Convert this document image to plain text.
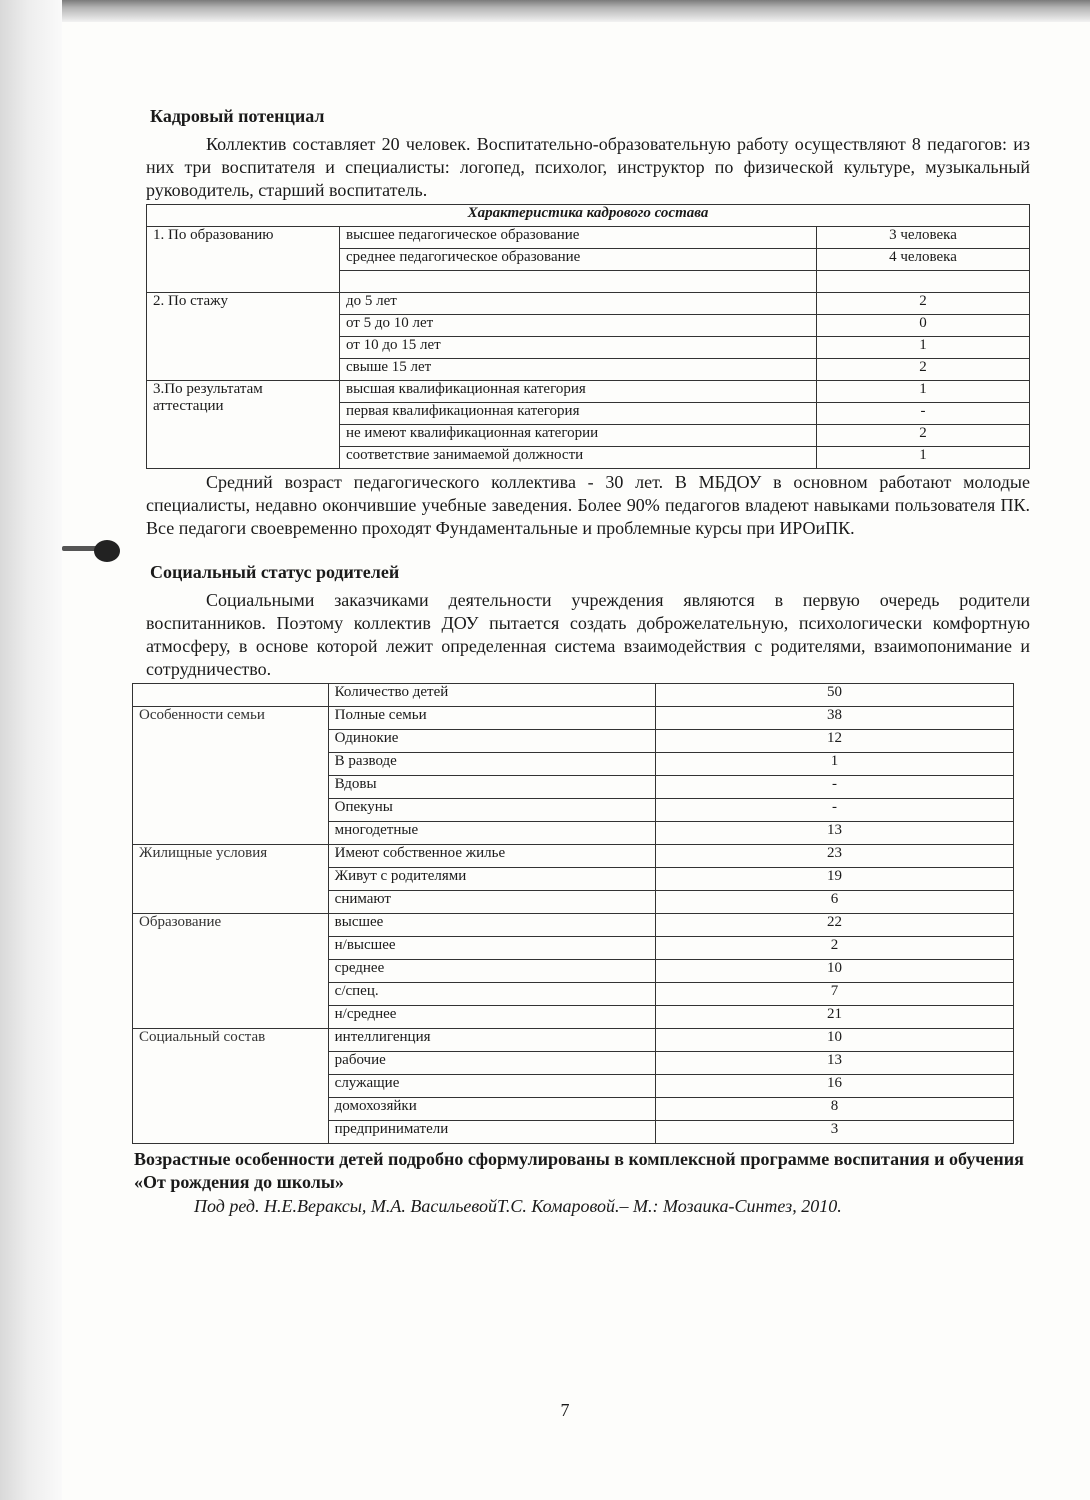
Кадровый потенциал

Коллектив составляет 20 человек. Воспитательно-образовательную работу осуществляют 8 педагогов: из них три воспитателя и специалисты: логопед, психолог, инструктор по физической культуре, музыкальный руководитель, старший воспитатель.

Характеристика кадрового состава		
1. По образованию	высшее педагогическое образование	3 человека
	среднее педагогическое образование	4 человека

2. По стажу	до 5 лет	2
	от 5 до 10 лет	0
	от 10 до 15 лет	1
	свыше 15 лет	2
3.По результатам аттестации	высшая квалификационная категория	1
	первая квалификационная категория	-
	не имеют квалификационная категории	2
	соответствие занимаемой должности	1

Средний возраст педагогического коллектива - 30 лет. В МБДОУ в основном работают молодые специалисты, недавно окончившие учебные заведения. Более 90% педагогов владеют навыками пользователя ПК. Все педагоги своевременно проходят Фундаментальные и проблемные курсы при ИРОиПК.

Социальный статус родителей

Социальными заказчиками деятельности учреждения являются в первую очередь родители воспитанников. Поэтому коллектив ДОУ пытается создать доброжелательную, психологически комфортную атмосферу, в основе которой лежит определенная система взаимодействия с родителями, взаимопонимание и сотрудничество.

	Количество детей	50
Особенности семьи	Полные семьи	38
	Одинокие	12
	В разводе	1
	Вдовы	-
	Опекуны	-
	многодетные	13
Жилищные условия	Имеют собственное жилье	23
	Живут с родителями	19
	снимают	6
Образование	высшее	22
	н/высшее	2
	среднее	10
	с/спец.	7
	н/среднее	21
Социальный состав	интеллигенция	10
	рабочие	13
	служащие	16
	домохозяйки	8
	предприниматели	3
Возрастные особенности детей подробно сформулированы в комплексной программе воспитания и обучения «От рождения до школы»
Под ред. Н.Е.Вераксы, М.А. ВасильевойТ.С. Комаровой.– М.: Мозаика-Синтез, 2010.
7
